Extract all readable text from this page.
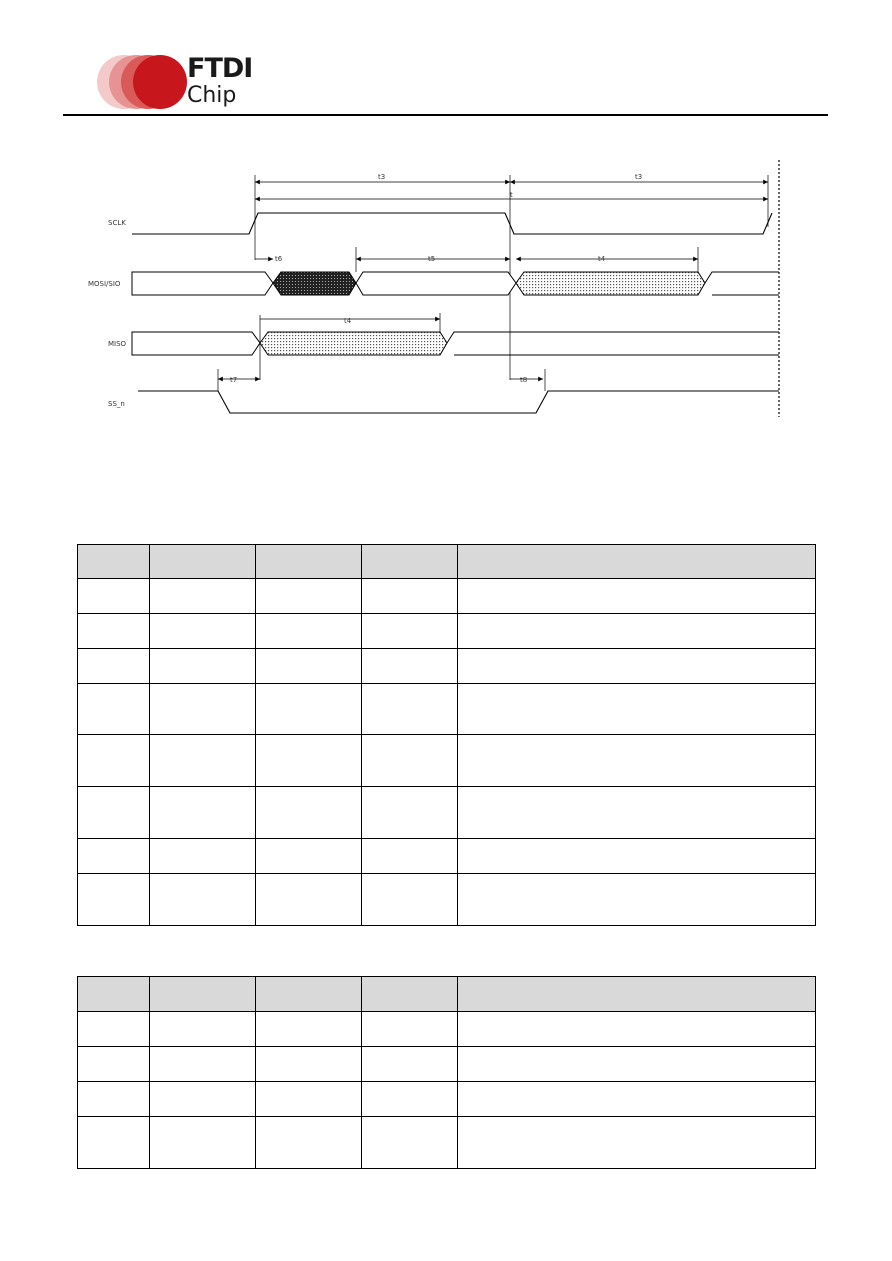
FTDI
Chip
SCLK
MOSI/SIO
MISO
SS_n
t3	t3
t
t6	t5	t4
t4
t7	t8
